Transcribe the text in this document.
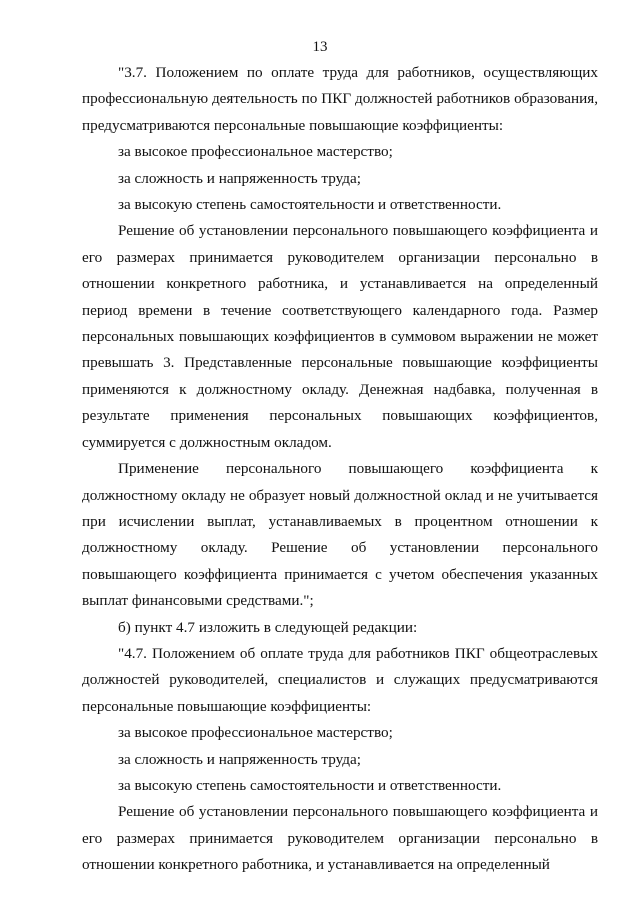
13

"3.7. Положением по оплате труда для работников, осуществляющих профессиональную деятельность по ПКГ должностей работников образования, предусматриваются персональные повышающие коэффициенты:

за высокое профессиональное мастерство;

за сложность и напряженность труда;

за высокую степень самостоятельности и ответственности.

Решение об установлении персонального повышающего коэффициента и его размерах принимается руководителем организации персонально в отношении конкретного работника, и устанавливается на определенный период времени в течение соответствующего календарного года. Размер персональных повышающих коэффициентов в суммовом выражении не может превышать 3. Представленные персональные повышающие коэффициенты применяются к должностному окладу. Денежная надбавка, полученная в результате применения персональных повышающих коэффициентов, суммируется с должностным окладом.

Применение персонального повышающего коэффициента к должностному окладу не образует новый должностной оклад и не учитывается при исчислении выплат, устанавливаемых в процентном отношении к должностному окладу. Решение об установлении персонального повышающего коэффициента принимается с учетом обеспечения указанных выплат финансовыми средствами.";

б) пункт 4.7 изложить в следующей редакции:

"4.7. Положением об оплате труда для работников ПКГ общеотраслевых должностей руководителей, специалистов и служащих предусматриваются персональные повышающие коэффициенты:

за высокое профессиональное мастерство;

за сложность и напряженность труда;

за высокую степень самостоятельности и ответственности.

Решение об установлении персонального повышающего коэффициента и его размерах принимается руководителем организации персонально в отношении конкретного работника, и устанавливается на определенный
